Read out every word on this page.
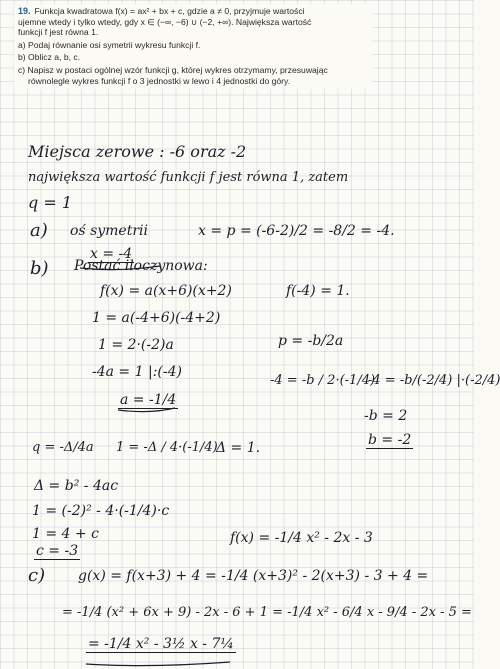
19. Funkcja kwadratowa f(x) = ax² + bx + c, gdzie a ≠ 0, przyjmuje wartości
ujemne wtedy i tylko wtedy, gdy x ∈ (−∞, −6) ∪ (−2, +∞). Największa wartość
funkcji f jest równa 1.
a) Podaj równanie osi symetrii wykresu funkcji f.
b) Oblicz a, b, c.
c) Napisz w postaci ogólnej wzór funkcji g, której wykres otrzymamy, przesuwając
równolegle wykres funkcji f o 3 jednostki w lewo i 4 jednostki do góry.
Miejsca zerowe : -6 oraz -2
największa wartość funkcji f jest równa 1, zatem
q = 1
a) oś symetrii	x = p = (-6-2)/2 = -8/2 = -4.
x = -4
b) Postać iloczynowa:
f(x) = a(x+6)(x+2)	f(-4) = 1.
1 = a(-4+6)(-4+2)
1 = 2·(-2)a	p = -b/2a
-4a = 1 |:(-4)
-4 = -b / 2·(-1/4)
-4 = -b/(-2/4) |·(-2/4)
a = -1/4
-b = 2
b = -2
q = -Δ/4a 1 = -Δ / 4·(-1/4)
Δ = 1.
Δ = b² - 4ac
1 = (-2)² - 4·(-1/4)·c
1 = 4 + c
c = -3
f(x) = -1/4 x² - 2x - 3
c) g(x) = f(x+3) + 4 = -1/4 (x+3)² - 2(x+3) - 3 + 4 =
= -1/4 (x² + 6x + 9) - 2x - 6 + 1 = -1/4 x² - 6/4 x - 9/4 - 2x - 5 =
= -1/4 x² - 3½ x - 7¼
